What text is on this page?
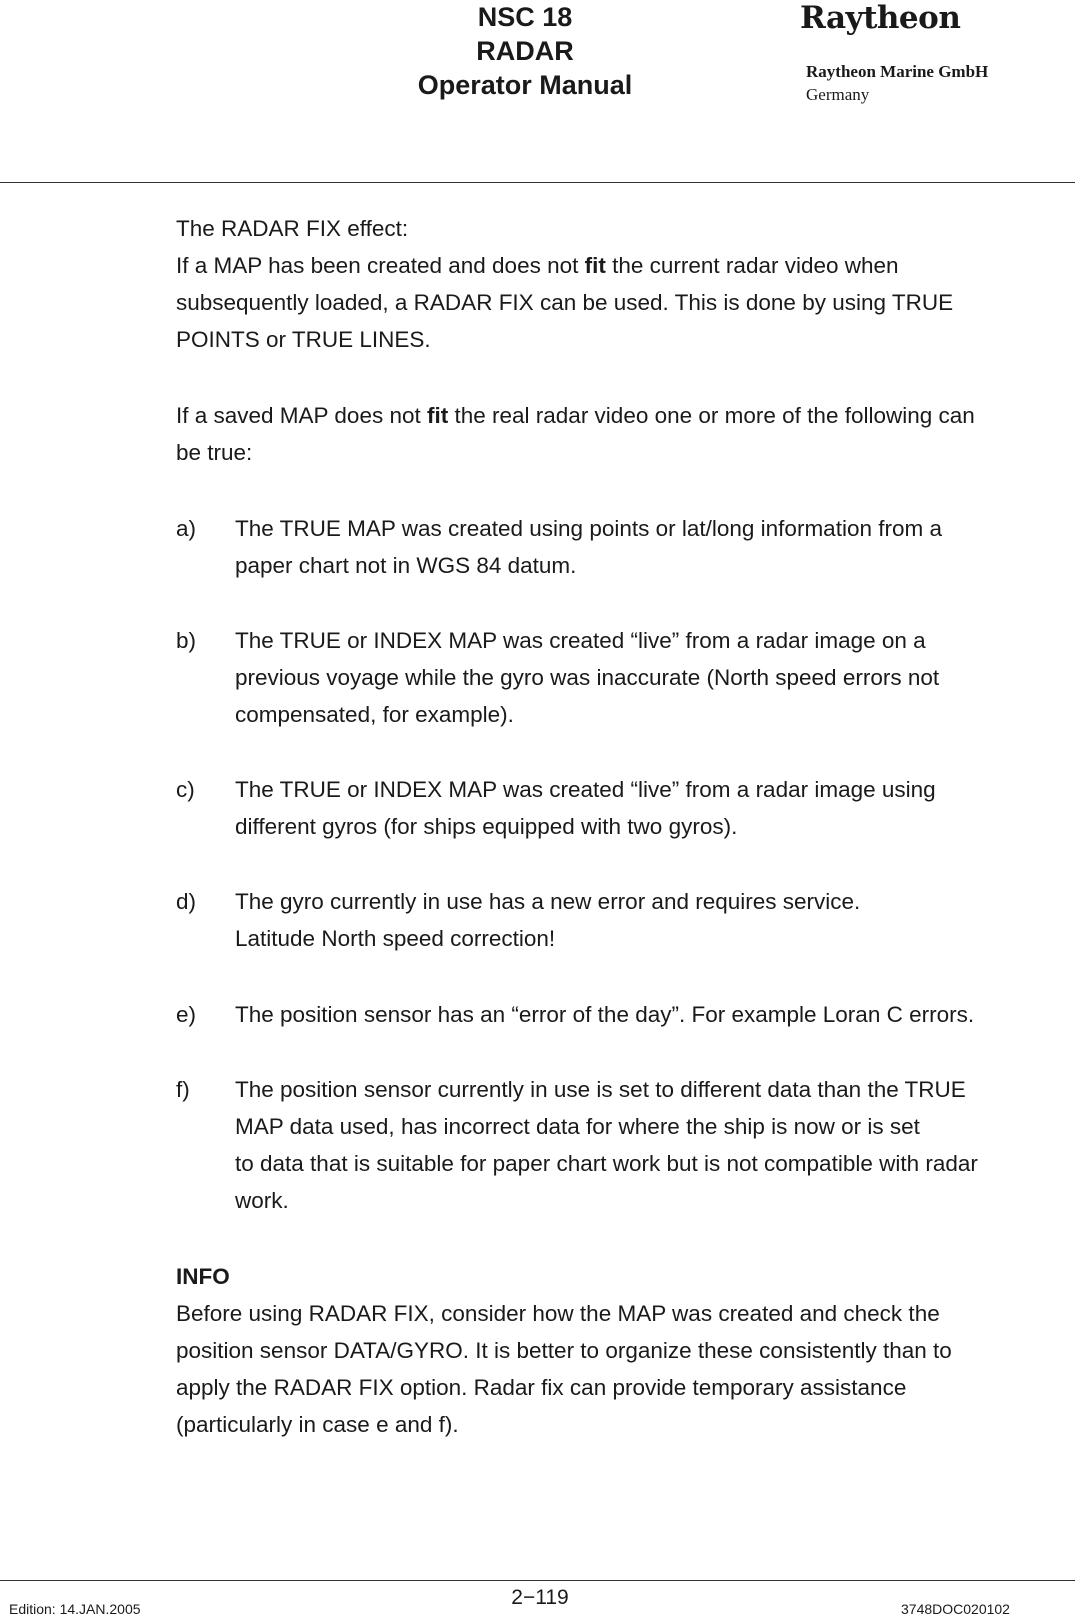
NSC 18
RADAR
Operator Manual
Raytheon
Raytheon Marine GmbH
Germany
The RADAR FIX effect:
If a MAP has been created and does not fit the current radar video when
subsequently loaded, a RADAR FIX can be used. This is done by using TRUE
POINTS or TRUE LINES.
If a saved MAP does not fit the real radar video one or more of the following can
be true:
a)	The TRUE MAP was created using points or lat/long information from a
paper chart not in WGS 84 datum.
b)	The TRUE or INDEX MAP was created “live” from a radar image on a
previous voyage while the gyro was inaccurate (North speed errors not
compensated, for example).
c)	The TRUE or INDEX MAP was created “live” from a radar image using
different gyros (for ships equipped with two gyros).
d)	The gyro currently in use has a new error and requires service.
Latitude North speed correction!
e)	The position sensor has an “error of the day”. For example Loran C errors.
f)	The position sensor currently in use is set to different data than the TRUE
MAP data used, has incorrect data for where the ship is now or is set
to data that is suitable for paper chart work but is not compatible with radar
work.
INFO
Before using RADAR FIX, consider how the MAP was created and check the
position sensor DATA/GYRO. It is better to organize these consistently than to
apply the RADAR FIX option. Radar fix can provide temporary assistance
(particularly in case e and f).
Edition: 14.JAN.2005	2−119	3748DOC020102
